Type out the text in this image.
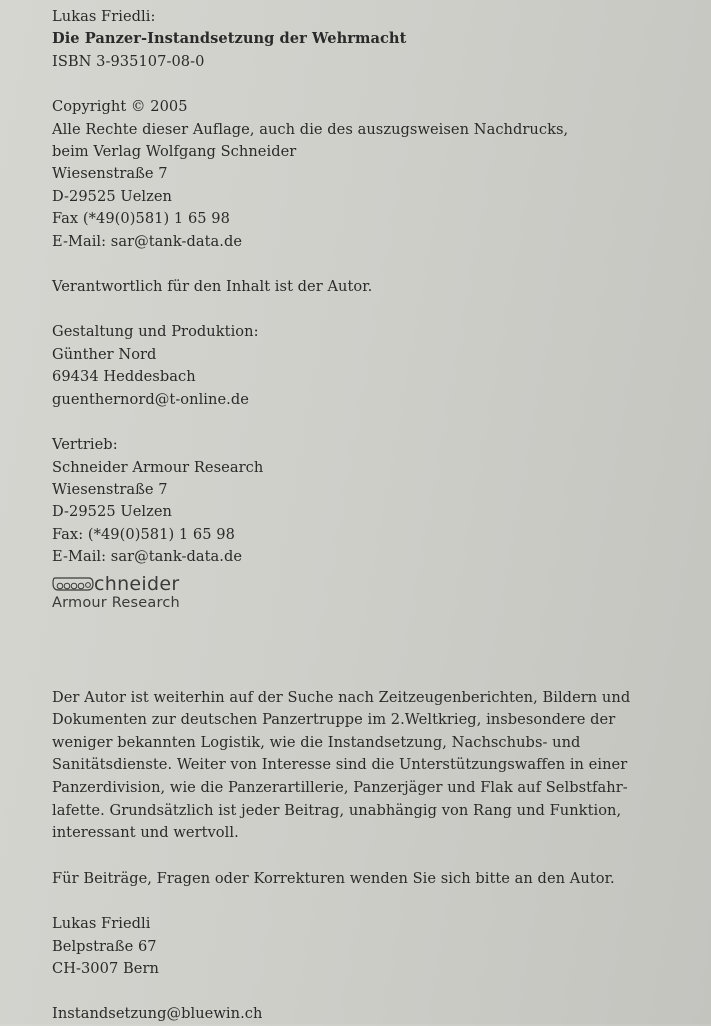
Lukas Friedli:
Die Panzer-Instandsetzung der Wehrmacht
ISBN 3-935107-08-0
Copyright © 2005
Alle Rechte dieser Auflage, auch die des auszugsweisen Nachdrucks,
beim Verlag Wolfgang Schneider
Wiesenstraße 7
D-29525 Uelzen
Fax (*49(0)581) 1 65 98
E-Mail: sar@tank-data.de
Verantwortlich für den Inhalt ist der Autor.
Gestaltung und Produktion:
Günther Nord
69434 Heddesbach
guenthernord@t-online.de
Vertrieb:
Schneider Armour Research
Wiesenstraße 7
D-29525 Uelzen
Fax: (*49(0)581) 1 65 98
E-Mail: sar@tank-data.de
chneider
Armour Research
Der Autor ist weiterhin auf der Suche nach Zeitzeugenberichten, Bildern und
Dokumenten zur deutschen Panzertruppe im 2.Weltkrieg, insbesondere der
weniger bekannten Logistik, wie die Instandsetzung, Nachschubs- und
Sanitätsdienste. Weiter von Interesse sind die Unterstützungswaffen in einer
Panzerdivision, wie die Panzerartillerie, Panzerjäger und Flak auf Selbstfahr-
lafette. Grundsätzlich ist jeder Beitrag, unabhängig von Rang und Funktion,
interessant und wertvoll.
Für Beiträge, Fragen oder Korrekturen wenden Sie sich bitte an den Autor.
Lukas Friedli
Belpstraße 67
CH-3007 Bern
Instandsetzung@bluewin.ch
